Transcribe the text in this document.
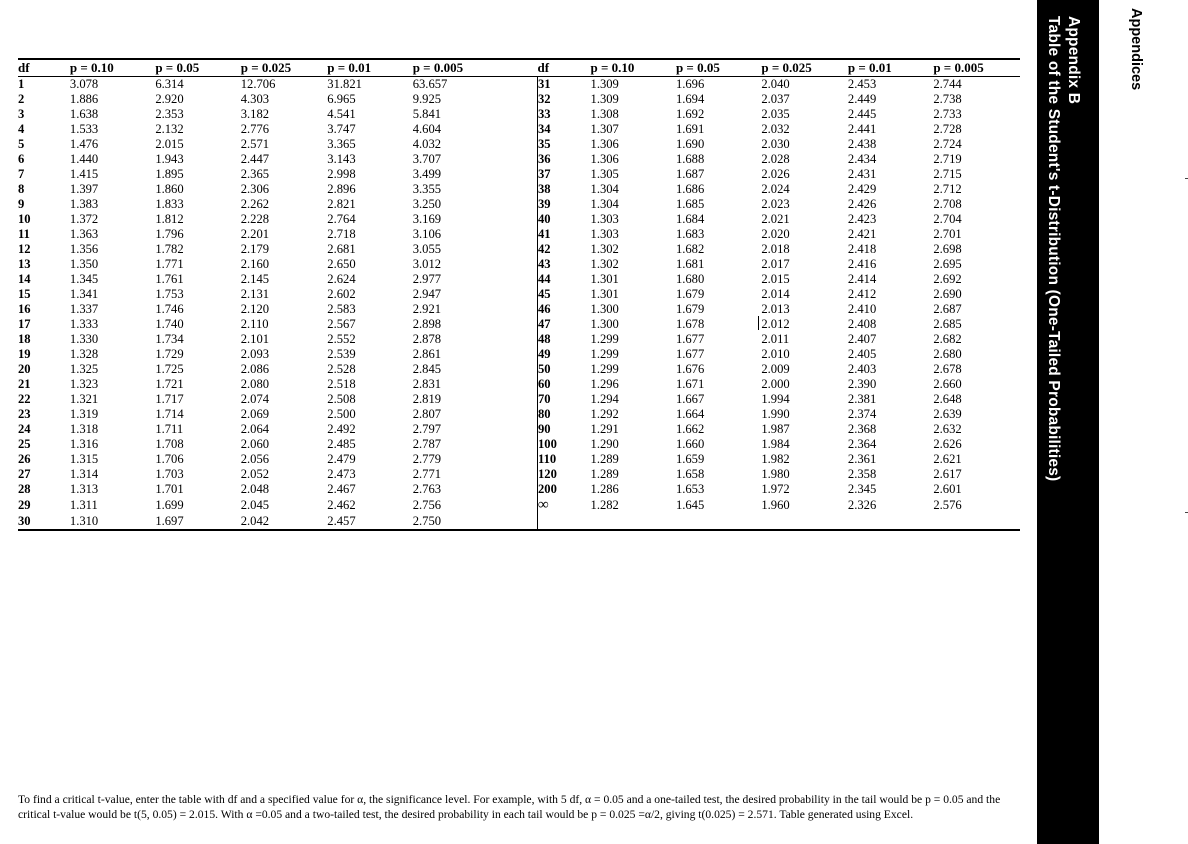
Appendix B
Table of the Student's t-Distribution (One-Tailed Probabilities)	Appendices
df	p = 0.10	p = 0.05	p = 0.025	p = 0.01	p = 0.005		df	p = 0.10	p = 0.05	p = 0.025	p = 0.01	p = 0.005
1	3.078	6.314	12.706	31.821	63.657		31	1.309	1.696	2.040	2.453	2.744
2	1.886	2.920	4.303	6.965	9.925		32	1.309	1.694	2.037	2.449	2.738
3	1.638	2.353	3.182	4.541	5.841		33	1.308	1.692	2.035	2.445	2.733
4	1.533	2.132	2.776	3.747	4.604		34	1.307	1.691	2.032	2.441	2.728
5	1.476	2.015	2.571	3.365	4.032		35	1.306	1.690	2.030	2.438	2.724
6	1.440	1.943	2.447	3.143	3.707		36	1.306	1.688	2.028	2.434	2.719
7	1.415	1.895	2.365	2.998	3.499		37	1.305	1.687	2.026	2.431	2.715
8	1.397	1.860	2.306	2.896	3.355		38	1.304	1.686	2.024	2.429	2.712
9	1.383	1.833	2.262	2.821	3.250		39	1.304	1.685	2.023	2.426	2.708
10	1.372	1.812	2.228	2.764	3.169		40	1.303	1.684	2.021	2.423	2.704
11	1.363	1.796	2.201	2.718	3.106		41	1.303	1.683	2.020	2.421	2.701
12	1.356	1.782	2.179	2.681	3.055		42	1.302	1.682	2.018	2.418	2.698
13	1.350	1.771	2.160	2.650	3.012		43	1.302	1.681	2.017	2.416	2.695
14	1.345	1.761	2.145	2.624	2.977		44	1.301	1.680	2.015	2.414	2.692
15	1.341	1.753	2.131	2.602	2.947		45	1.301	1.679	2.014	2.412	2.690
16	1.337	1.746	2.120	2.583	2.921		46	1.300	1.679	2.013	2.410	2.687
17	1.333	1.740	2.110	2.567	2.898		47	1.300	1.678	2.012	2.408	2.685
18	1.330	1.734	2.101	2.552	2.878		48	1.299	1.677	2.011	2.407	2.682
19	1.328	1.729	2.093	2.539	2.861		49	1.299	1.677	2.010	2.405	2.680
20	1.325	1.725	2.086	2.528	2.845		50	1.299	1.676	2.009	2.403	2.678
21	1.323	1.721	2.080	2.518	2.831		60	1.296	1.671	2.000	2.390	2.660
22	1.321	1.717	2.074	2.508	2.819		70	1.294	1.667	1.994	2.381	2.648
23	1.319	1.714	2.069	2.500	2.807		80	1.292	1.664	1.990	2.374	2.639
24	1.318	1.711	2.064	2.492	2.797		90	1.291	1.662	1.987	2.368	2.632
25	1.316	1.708	2.060	2.485	2.787		100	1.290	1.660	1.984	2.364	2.626
26	1.315	1.706	2.056	2.479	2.779		110	1.289	1.659	1.982	2.361	2.621
27	1.314	1.703	2.052	2.473	2.771		120	1.289	1.658	1.980	2.358	2.617
28	1.313	1.701	2.048	2.467	2.763		200	1.286	1.653	1.972	2.345	2.601
29	1.311	1.699	2.045	2.462	2.756		∞	1.282	1.645	1.960	2.326	2.576
30	1.310	1.697	2.042	2.457	2.750							
To find a critical t-value, enter the table with df and a specified value for α, the significance level. For example, with 5 df, α = 0.05 and a one-tailed test, the desired probability in the tail would be p = 0.05 and the critical t-value would be t(5, 0.05) = 2.015. With α =0.05 and a two-tailed test, the desired probability in each tail would be p = 0.025 =α/2, giving t(0.025) = 2.571. Table generated using Excel.
